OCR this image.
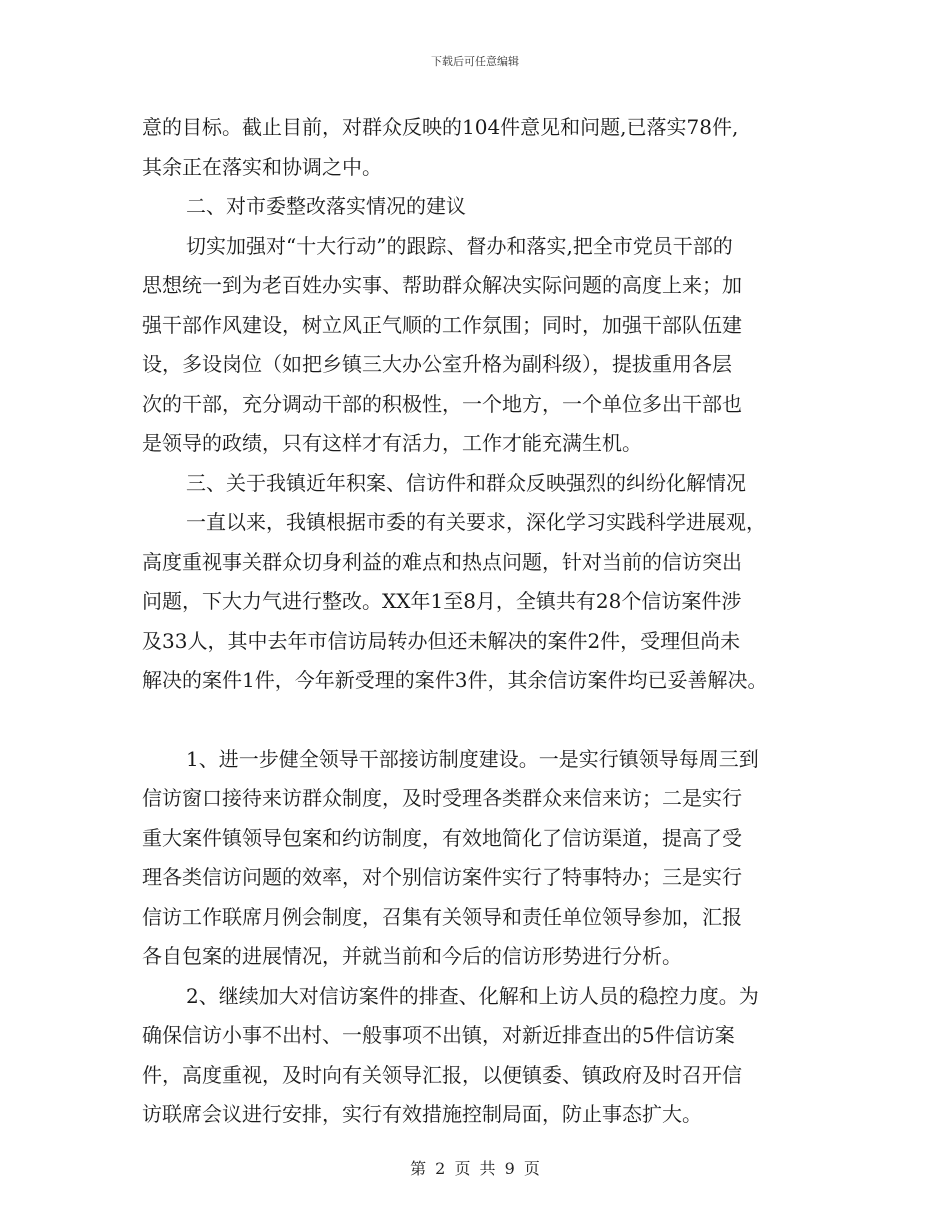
下载后可任意编辑
意的目标。截止目前，对群众反映的104件意见和问题,已落实78件,
其余正在落实和协调之中。
二、对市委整改落实情况的建议
切实加强对“十大行动”的跟踪、督办和落实,把全市党员干部的
思想统一到为老百姓办实事、帮助群众解决实际问题的高度上来；加
强干部作风建设，树立风正气顺的工作氛围；同时，加强干部队伍建
设，多设岗位（如把乡镇三大办公室升格为副科级），提拔重用各层
次的干部，充分调动干部的积极性，一个地方，一个单位多出干部也
是领导的政绩，只有这样才有活力，工作才能充满生机。
三、关于我镇近年积案、信访件和群众反映强烈的纠纷化解情况
一直以来，我镇根据市委的有关要求，深化学习实践科学进展观，
高度重视事关群众切身利益的难点和热点问题，针对当前的信访突出
问题，下大力气进行整改。XX年1至8月，全镇共有28个信访案件涉
及33人，其中去年市信访局转办但还未解决的案件2件，受理但尚未
解决的案件1件，今年新受理的案件3件，其余信访案件均已妥善解决。
1、进一步健全领导干部接访制度建设。一是实行镇领导每周三到
信访窗口接待来访群众制度，及时受理各类群众来信来访；二是实行
重大案件镇领导包案和约访制度，有效地简化了信访渠道，提高了受
理各类信访问题的效率，对个别信访案件实行了特事特办；三是实行
信访工作联席月例会制度，召集有关领导和责任单位领导参加，汇报
各自包案的进展情况，并就当前和今后的信访形势进行分析。
2、继续加大对信访案件的排查、化解和上访人员的稳控力度。为
确保信访小事不出村、一般事项不出镇，对新近排查出的5件信访案
件，高度重视，及时向有关领导汇报，以便镇委、镇政府及时召开信
访联席会议进行安排，实行有效措施控制局面，防止事态扩大。
第 2 页 共 9 页
